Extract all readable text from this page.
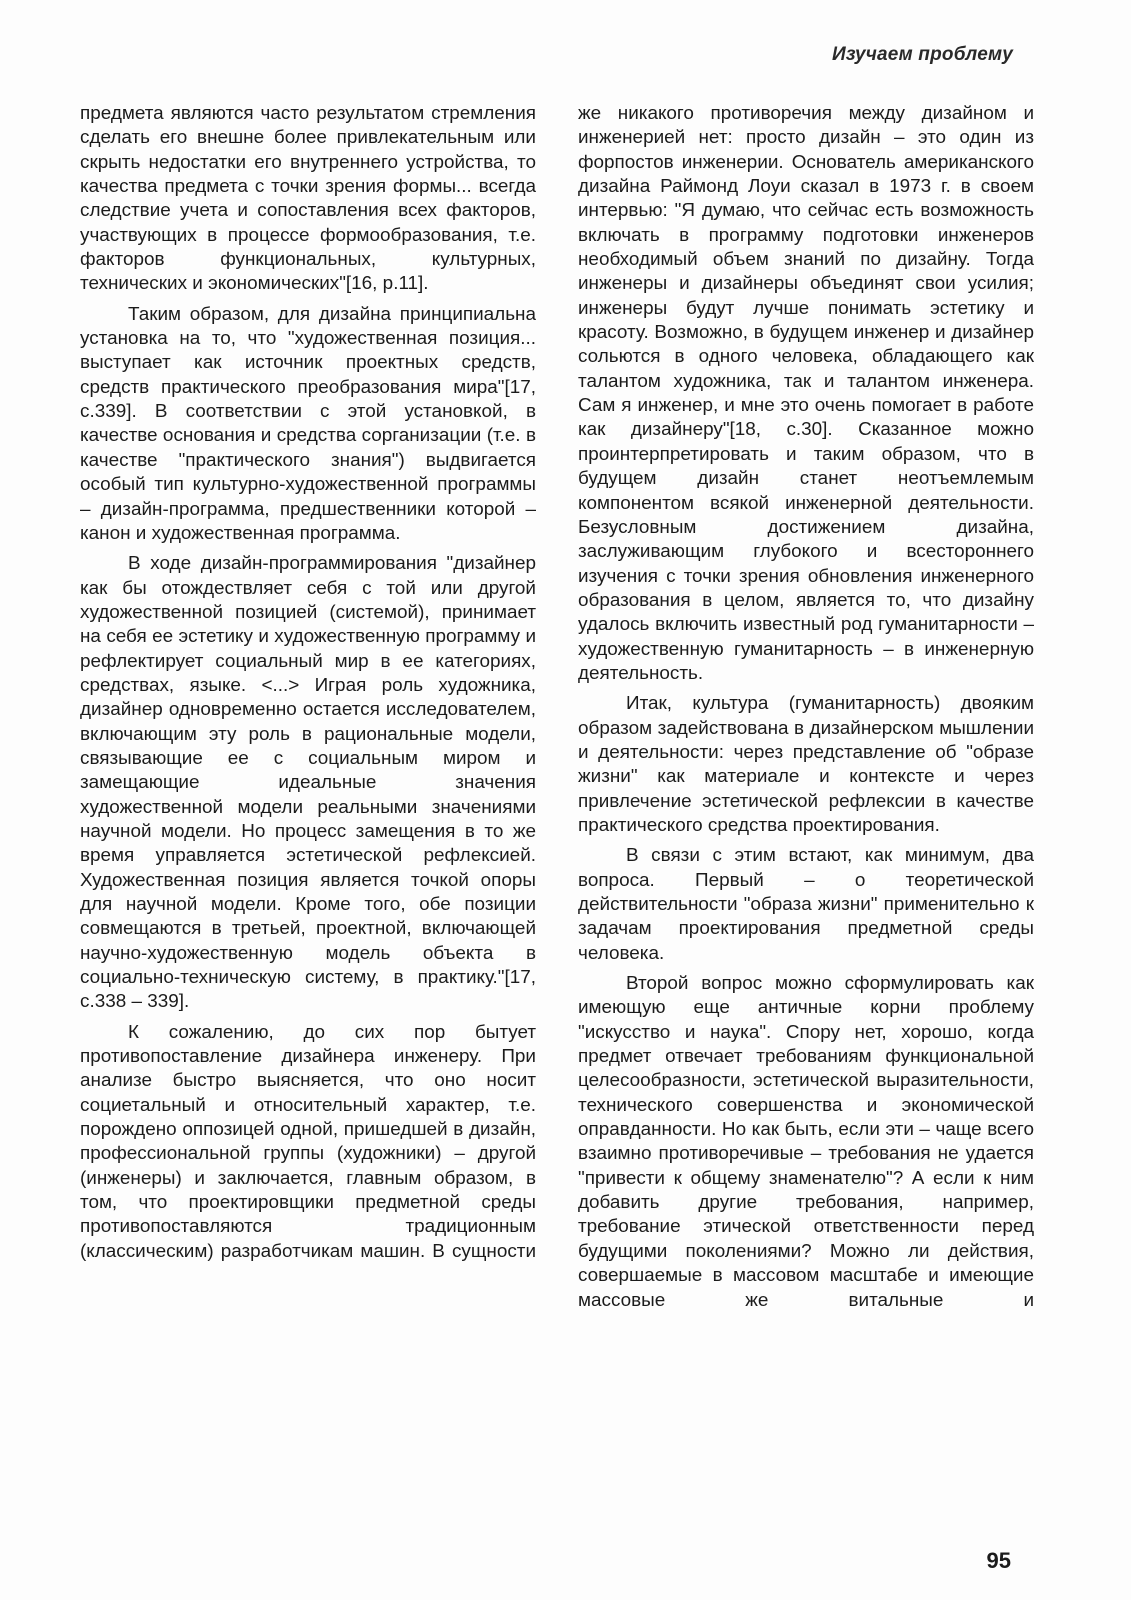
Изучаем проблему

предмета являются часто результатом стремления сделать его внешне более привлекательным или скрыть недостатки его внутреннего устройства, то качества предмета с точки зрения формы... всегда следствие учета и сопоставления всех факторов, участвующих в процессе формообразования, т.е. факторов функциональных, культурных, технических и экономических"[16, p.11].

Таким образом, для дизайна принципиальна установка на то, что "художественная позиция... выступает как источник проектных средств, средств практического преобразования мира"[17, с.339]. В соответствии с этой установкой, в качестве основания и средства сорганизации (т.е. в качестве "практического знания") выдвигается особый тип культурно-художественной программы – дизайн-программа, предшественники которой – канон и художественная программа.

В ходе дизайн-программирования "дизайнер как бы отождествляет себя с той или другой художественной позицией (системой), принимает на себя ее эстетику и художественную программу и рефлектирует социальный мир в ее категориях, средствах, языке. <...> Играя роль художника, дизайнер одновременно остается исследователем, включающим эту роль в рациональные модели, связывающие ее с социальным миром и замещающие идеальные значения художественной модели реальными значениями научной модели. Но процесс замещения в то же время управляется эстетической рефлексией. Художественная позиция является точкой опоры для научной модели. Кроме того, обе позиции совмещаются в третьей, проектной, включающей научно-художественную модель объекта в социально-техническую систему, в практику."[17, с.338 – 339].

К сожалению, до сих пор бытует противопоставление дизайнера инженеру. При анализе быстро выясняется, что оно носит социетальный и относительный характер, т.е. порождено оппозицей одной, пришедшей в дизайн, профессиональной группы (художники) – другой (инженеры) и заключается, главным образом, в том, что проектировщики предметной среды противопоставляются традиционным (классическим) разработчикам машин. В сущности

же никакого противоречия между дизайном и инженерией нет: просто дизайн – это один из форпостов инженерии. Основатель американского дизайна Раймонд Лоуи сказал в 1973 г. в своем интервью: "Я думаю, что сейчас есть возможность включать в программу подготовки инженеров необходимый объем знаний по дизайну. Тогда инженеры и дизайнеры объединят свои усилия; инженеры будут лучше понимать эстетику и красоту. Возможно, в будущем инженер и дизайнер сольются в одного человека, обладающего как талантом художника, так и талантом инженера. Сам я инженер, и мне это очень помогает в работе как дизайнеру"[18, с.30]. Сказанное можно проинтерпретировать и таким образом, что в будущем дизайн станет неотъемлемым компонентом всякой инженерной деятельности. Безусловным достижением дизайна, заслуживающим глубокого и всестороннего изучения с точки зрения обновления инженерного образования в целом, является то, что дизайну удалось включить известный род гуманитарности – художественную гуманитарность – в инженерную деятельность.

Итак, культура (гуманитарность) двояким образом задействована в дизайнерском мышлении и деятельности: через представление об "образе жизни" как материале и контексте и через привлечение эстетической рефлексии в качестве практического средства проектирования.

В связи с этим встают, как минимум, два вопроса. Первый – о теоретической действительности "образа жизни" применительно к задачам проектирования предметной среды человека.

Второй вопрос можно сформулировать как имеющую еще античные корни проблему "искусство и наука". Спору нет, хорошо, когда предмет отвечает требованиям функциональной целесообразности, эстетической выразительности, технического совершенства и экономической оправданности. Но как быть, если эти – чаще всего взаимно противоречивые – требования не удается "привести к общему знаменателю"? А если к ним добавить другие требования, например, требование этической ответственности перед будущими поколениями? Можно ли действия, совершаемые в массовом масштабе и имеющие массовые же витальные и

95
